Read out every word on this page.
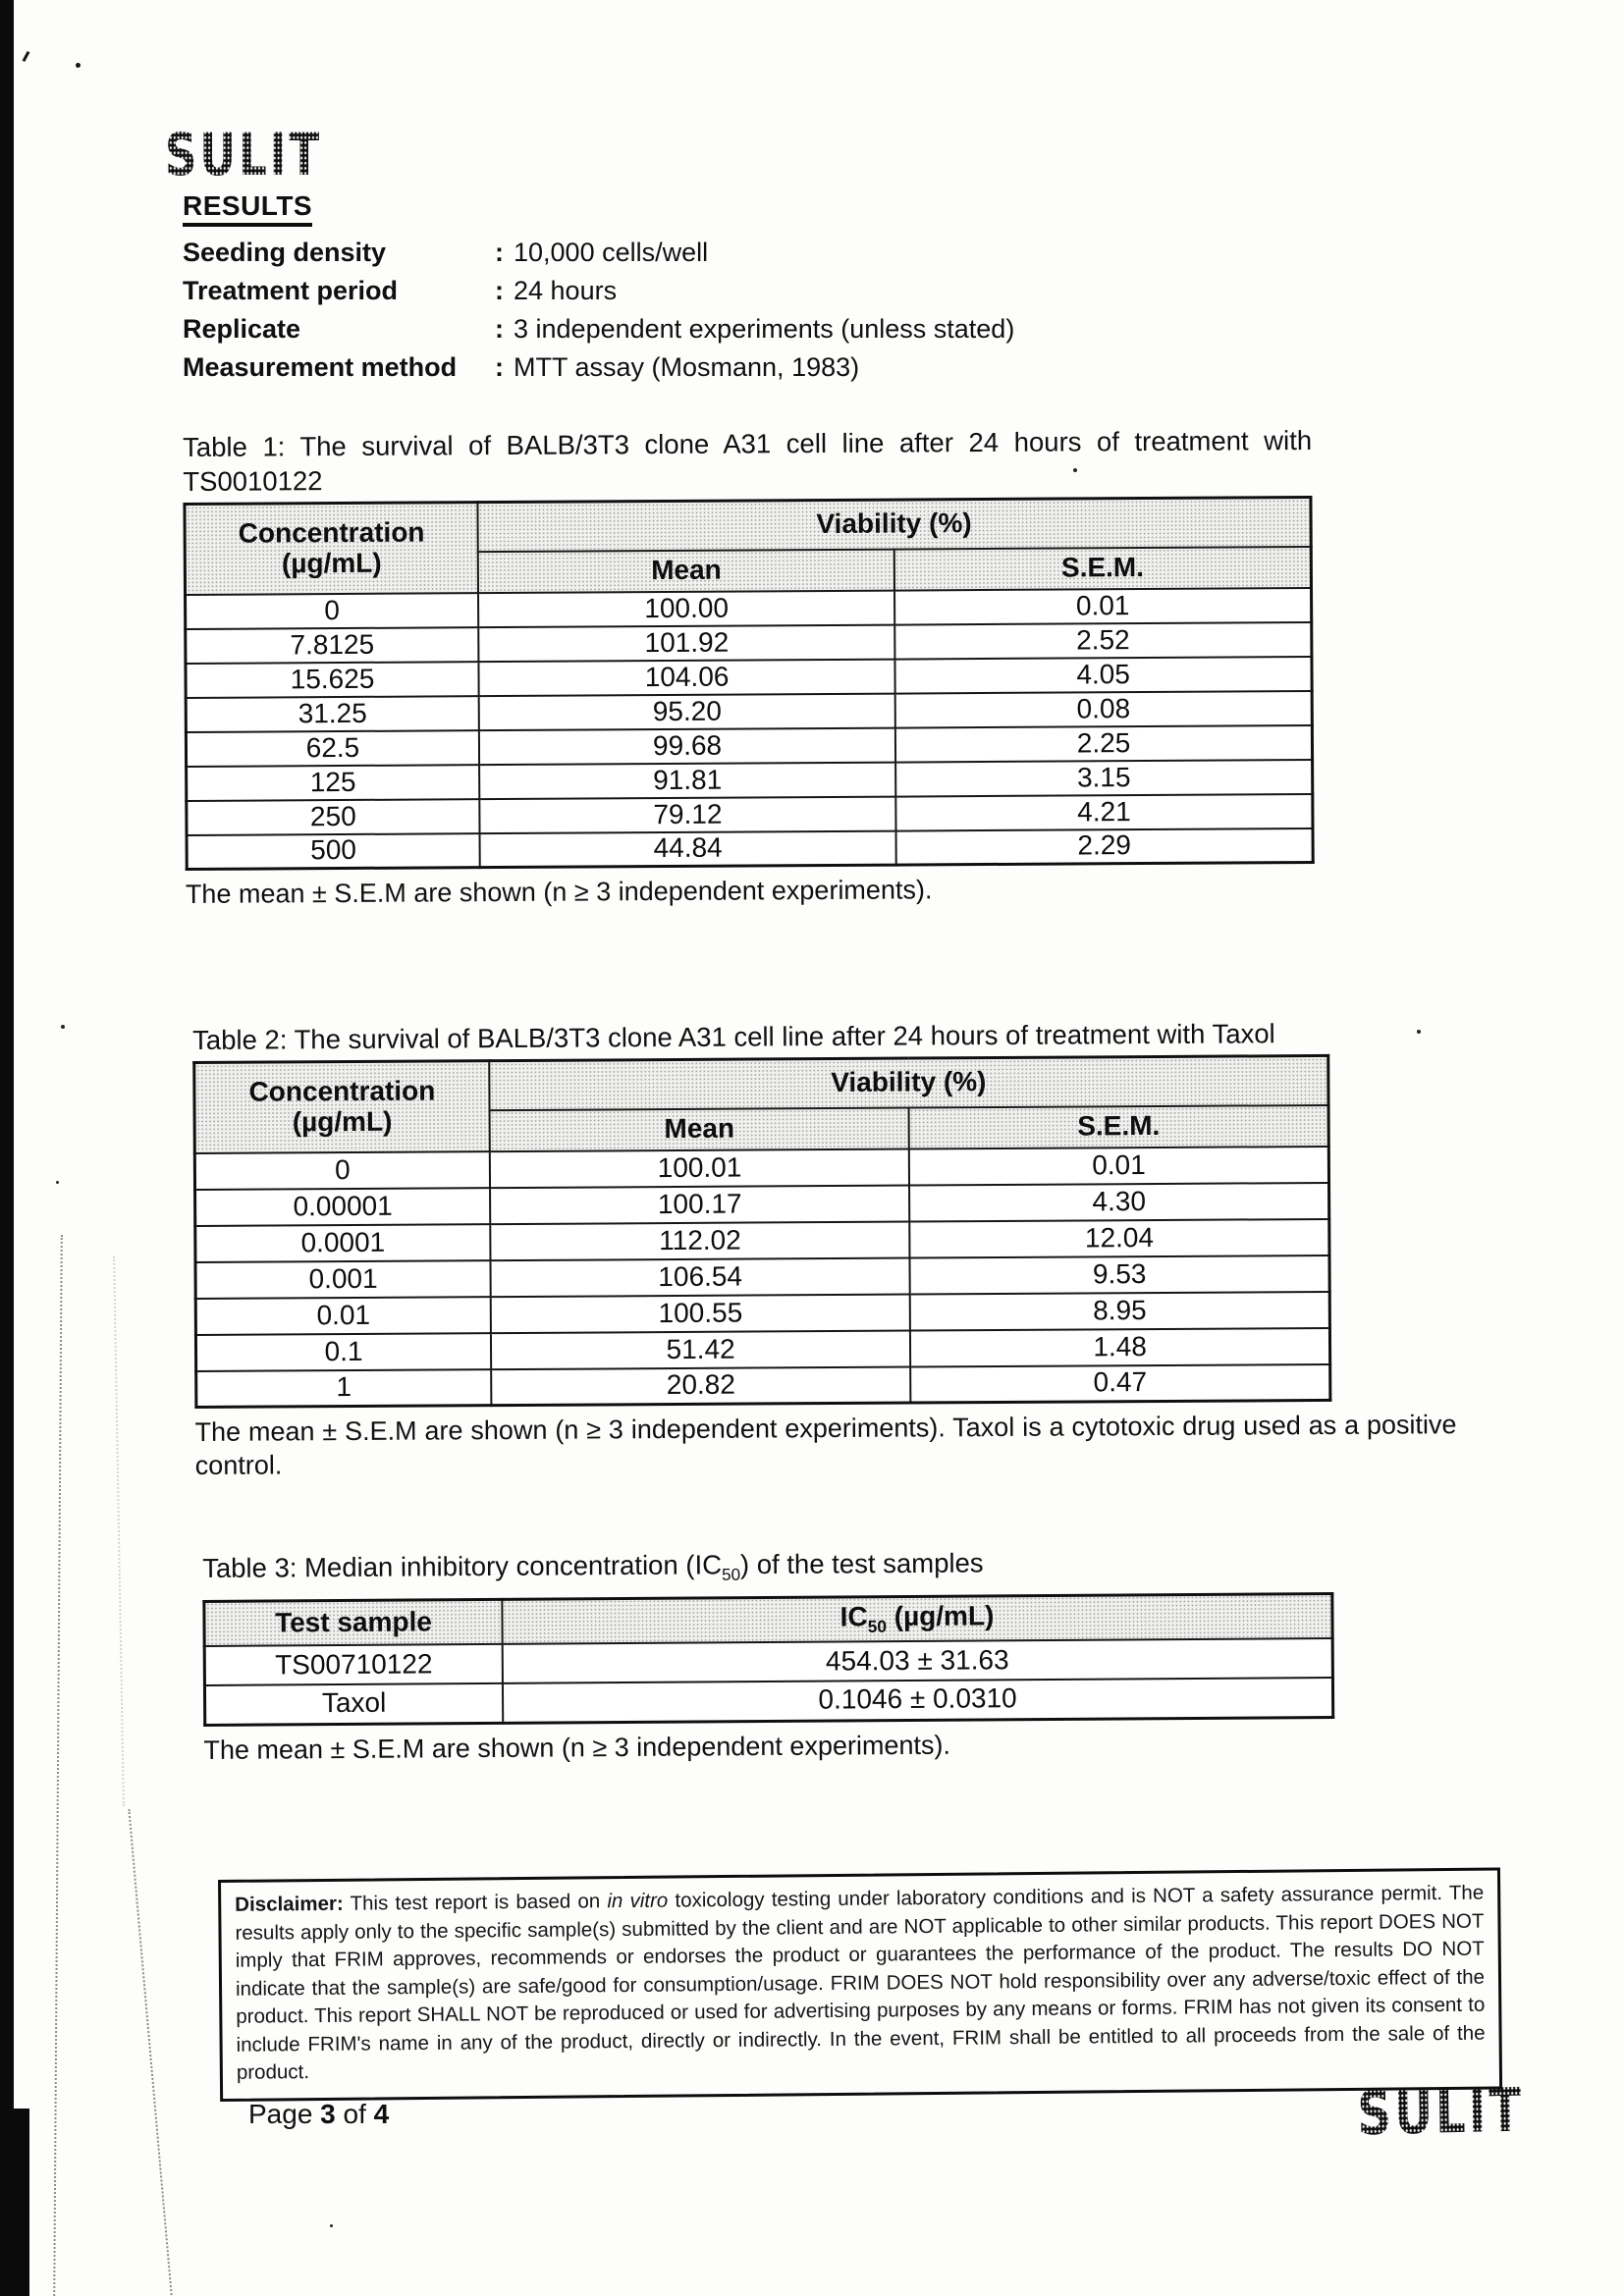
SULIT
SULIT
RESULTS
Seeding density	: 10,000 cells/well
Treatment period	: 24 hours
Replicate	: 3 independent experiments (unless stated)
Measurement method	: MTT assay (Mosmann, 1983)
Table 1: The survival of BALB/3T3 clone A31 cell line after 24 hours of treatment with TS0010122
Concentration (µg/mL)	Viability (%)	
	Mean	S.E.M.
0	100.00	0.01
7.8125	101.92	2.52
15.625	104.06	4.05
31.25	95.20	0.08
62.5	99.68	2.25
125	91.81	3.15
250	79.12	4.21
500	44.84	2.29
The mean ± S.E.M are shown (n ≥ 3 independent experiments).
Table 2: The survival of BALB/3T3 clone A31 cell line after 24 hours of treatment with Taxol
Concentration (µg/mL)	Viability (%)	
	Mean	S.E.M.
0	100.01	0.01
0.00001	100.17	4.30
0.0001	112.02	12.04
0.001	106.54	9.53
0.01	100.55	8.95
0.1	51.42	1.48
1	20.82	0.47
The mean ± S.E.M are shown (n ≥ 3 independent experiments). Taxol is a cytotoxic drug used as a positive control.
Table 3: Median inhibitory concentration $(IC_{50})$ of the test samples
Test sample	$IC_{50}$ (µg/mL)
TS00710122	454.03 ± 31.63
Taxol	0.1046 ± 0.0310
The mean ± S.E.M are shown (n ≥ 3 independent experiments).
Disclaimer: This test report is based on in vitro toxicology testing under laboratory conditions and is NOT a safety assurance permit. The results apply only to the specific sample(s) submitted by the client and are NOT applicable to other similar products. This report DOES NOT imply that FRIM approves, recommends or endorses the product or guarantees the performance of the product. The results DO NOT indicate that the sample(s) are safe/good for consumption/usage. FRIM DOES NOT hold responsibility over any adverse/toxic effect of the product. This report SHALL NOT be reproduced or used for advertising purposes by any means or forms. FRIM has not given its consent to include FRIM's name in any of the product, directly or indirectly. In the event, FRIM shall be entitled to all proceeds from the sale of the product.
Page 3 of 4
